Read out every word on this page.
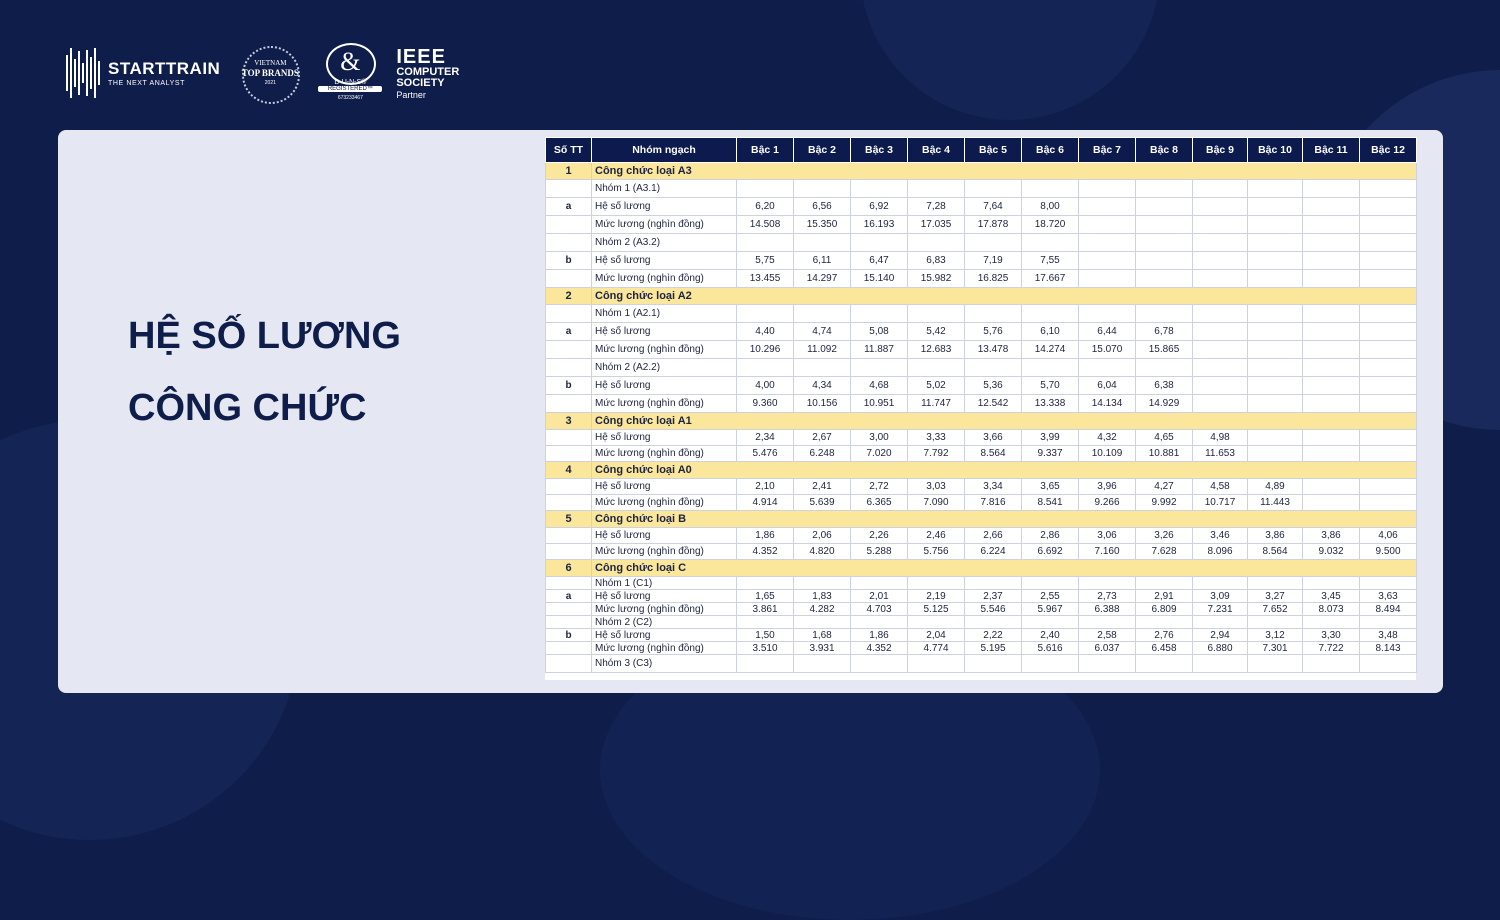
STARTTRAIN
THE NEXT ANALYST
VIETNAM
TOP BRANDS
2021
&
D-U-N-S®
REGISTERED™
673233467
IEEE
COMPUTER
SOCIETY
Partner
HỆ SỐ LƯƠNG
CÔNG CHỨC
Số TT	Nhóm ngạch	Bậc 1	Bậc 2	Bậc 3	Bậc 4	Bậc 5	Bậc 6	Bậc 7	Bậc 8	Bậc 9	Bậc 10	Bậc 11	Bậc 12
1	Công chức loại A3												
	Nhóm 1 (A3.1)												
a	Hệ số lương	6,20	6,56	6,92	7,28	7,64	8,00						
	Mức lương (nghìn đồng)	14.508	15.350	16.193	17.035	17.878	18.720						
	Nhóm 2 (A3.2)												
b	Hệ số lương	5,75	6,11	6,47	6,83	7,19	7,55						
	Mức lương (nghìn đồng)	13.455	14.297	15.140	15.982	16.825	17.667						
2	Công chức loại A2												
	Nhóm 1 (A2.1)												
a	Hệ số lương	4,40	4,74	5,08	5,42	5,76	6,10	6,44	6,78				
	Mức lương (nghìn đồng)	10.296	11.092	11.887	12.683	13.478	14.274	15.070	15.865				
	Nhóm 2 (A2.2)												
b	Hệ số lương	4,00	4,34	4,68	5,02	5,36	5,70	6,04	6,38				
	Mức lương (nghìn đồng)	9.360	10.156	10.951	11.747	12.542	13.338	14.134	14.929				
3	Công chức loại A1												
	Hệ số lương	2,34	2,67	3,00	3,33	3,66	3,99	4,32	4,65	4,98			
	Mức lương (nghìn đồng)	5.476	6.248	7.020	7.792	8.564	9.337	10.109	10.881	11.653			
4	Công chức loại A0												
	Hệ số lương	2,10	2,41	2,72	3,03	3,34	3,65	3,96	4,27	4,58	4,89		
	Mức lương (nghìn đồng)	4.914	5.639	6.365	7.090	7.816	8.541	9.266	9.992	10.717	11.443		
5	Công chức loại B												
	Hệ số lương	1,86	2,06	2,26	2,46	2,66	2,86	3,06	3,26	3,46	3,86	3,86	4,06
	Mức lương (nghìn đồng)	4.352	4.820	5.288	5.756	6.224	6.692	7.160	7.628	8.096	8.564	9.032	9.500
6	Công chức loại C												
	Nhóm 1 (C1)												
a	Hệ số lương	1,65	1,83	2,01	2,19	2,37	2,55	2,73	2,91	3,09	3,27	3,45	3,63
	Mức lương (nghìn đồng)	3.861	4.282	4.703	5.125	5.546	5.967	6.388	6.809	7.231	7.652	8.073	8.494
	Nhóm 2 (C2)												
b	Hệ số lương	1,50	1,68	1,86	2,04	2,22	2,40	2,58	2,76	2,94	3,12	3,30	3,48
	Mức lương (nghìn đồng)	3.510	3.931	4.352	4.774	5.195	5.616	6.037	6.458	6.880	7.301	7.722	8.143
	Nhóm 3 (C3)												
